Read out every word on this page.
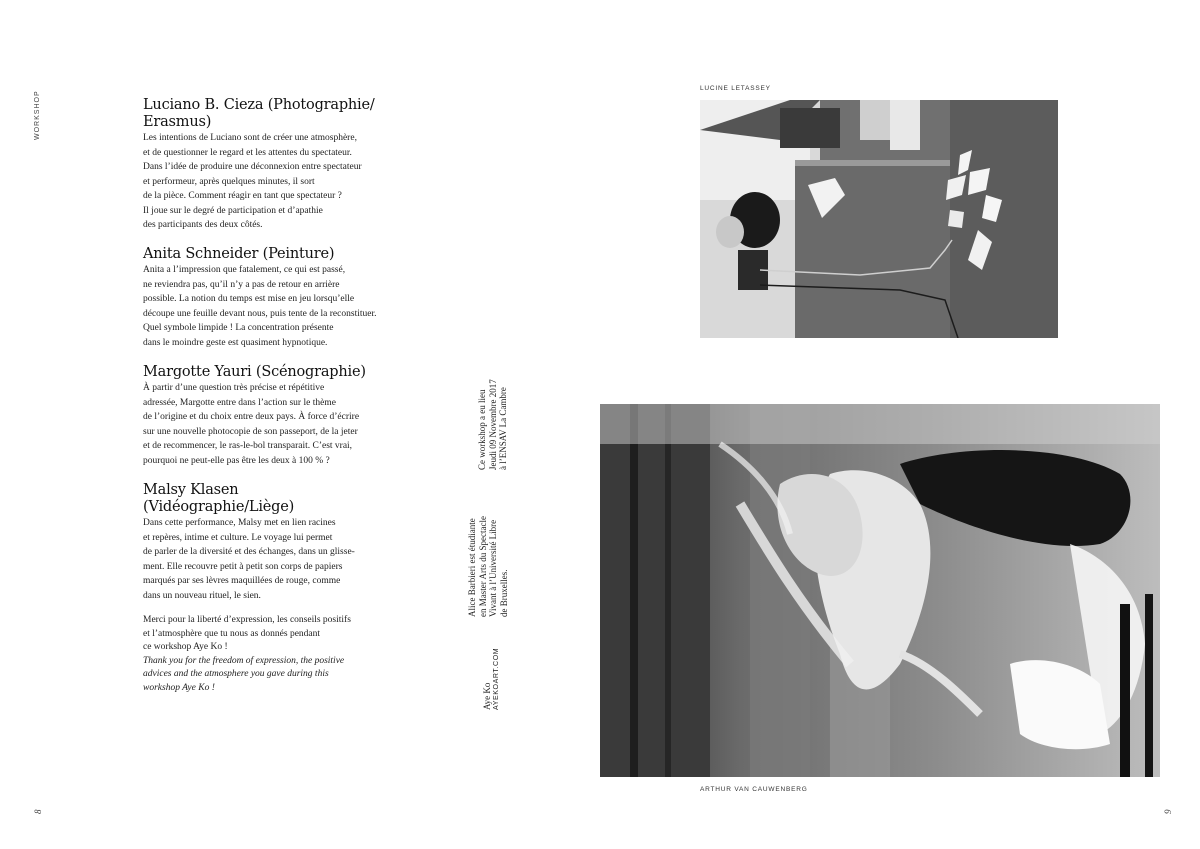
WORKSHOP	Luciano B. Cieza (Photographie/
Erasmus)

Les intentions de Luciano sont de créer une atmosphère,
et de questionner le regard et les attentes du spectateur.
Dans l’idée de produire une déconnexion entre spectateur
et performeur, après quelques minutes, il sort
de la pièce. Comment réagir en tant que spectateur ?
Il joue sur le degré de participation et d’apathie
des participants des deux côtés.

Anita Schneider (Peinture)

Anita a l’impression que fatalement, ce qui est passé,
ne reviendra pas, qu’il n’y a pas de retour en arrière
possible. La notion du temps est mise en jeu lorsqu’elle
découpe une feuille devant nous, puis tente de la reconstituer.
Quel symbole limpide ! La concentration présente
dans le moindre geste est quasiment hypnotique.

Margotte Yauri (Scénographie)

À partir d’une question très précise et répétitive
adressée, Margotte entre dans l’action sur le thème
de l’origine et du choix entre deux pays. À force d’écrire
sur une nouvelle photocopie de son passeport, de la jeter
et de recommencer, le ras-le-bol transparait. C’est vrai,
pourquoi ne peut-elle pas être les deux à 100 % ?

Malsy Klasen (Vidéographie/Liège)

Dans cette performance, Malsy met en lien racines
et repères, intime et culture. Le voyage lui permet
de parler de la diversité et des échanges, dans un glisse-
ment. Elle recouvre petit à petit son corps de papiers
marqués par ses lèvres maquillées de rouge, comme
dans un nouveau rituel, le sien.

Merci pour la liberté d’expression, les conseils positifs
et l’atmosphère que tu nous as donnés pendant
ce workshop Aye Ko !

Thank you for the freedom of expression, the positive
advices and the atmosphere you gave during this
workshop Aye Ko !

8
Ce workshop a eu lieu
Jeudi 09 Novembre 2017
à l’ENSAV La Cambre
Alice Barbieri est étudiante
en Master Arts du Spectacle
Vivant à l’Université Libre
de Bruxelles.
Aye Ko AYEKOART.COM
LUCINE LETASSEY
ARTHUR VAN CAUWENBERG
9
